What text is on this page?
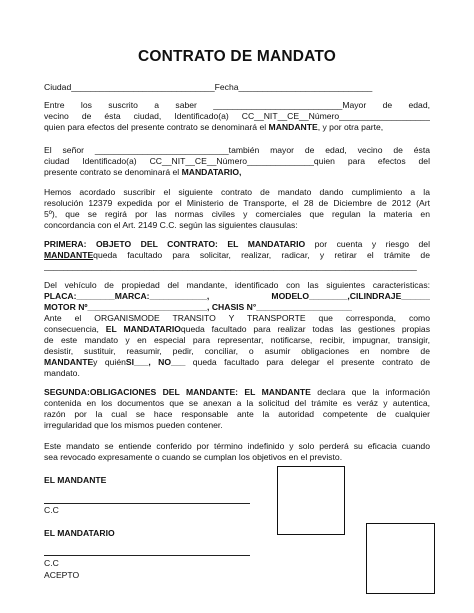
CONTRATO DE MANDATO
Ciudad______________________________Fecha____________________________
Entre los suscrito a saber ___________________________Mayor de edad,
vecino de ésta ciudad, Identificado(a) CC__NIT__CE__Número___________________
quien para efectos del presente contrato se denominará el MANDANTE, y por otra parte,
El señor ____________________________también mayor de edad, vecino de ésta
ciudad Identificado(a) CC__NIT__CE__Número______________quien para efectos del
presente contrato se denominará el MANDATARIO,
Hemos acordado suscribir el siguiente contrato de mandato dando cumplimiento a la
resolución 12379 expedida por el Ministerio de Transporte, el 28 de Diciembre de 2012 (Art
5º), que se regirá por las normas civiles y comerciales que regulan la materia en
concordancia con el Art. 2149 C.C. según las siguientes clausulas:
PRIMERA: OBJETO DEL CONTRATO: EL MANDATARIO por cuenta y riesgo del
MANDANTEqueda facultado para solicitar, realizar, radicar, y retirar el trámite de
______________________________________________________________________________
Del vehículo de propiedad del mandante, identificado con las siguientes caracteristicas:
PLACA:________MARCA:____________, MODELO________,CILINDRAJE______
MOTOR Nº_________________________, CHASIS N°____________________
Ante el ORGANISMODE TRANSITO Y TRANSPORTE que corresponda, como
consecuencia, EL MANDATARIOqueda facultado para realizar todas las gestiones propias
de este mandato y en especial para representar, notificarse, recibir, impugnar, transigir,
desistir, sustituir, reasumir, pedir, conciliar, o asumir obligaciones en nombre de
MANDANTEy quiénSI___, NO___ queda facultado para delegar el presente contrato de
mandato.
SEGUNDA:OBLIGACIONES DEL MANDANTE: EL MANDANTE declara que la información
contenida en los documentos que se anexan a la solicitud del trámite es veráz y autentica,
razón por la cual se hace responsable ante la autoridad competente de cualquier
irregularidad que los mismos pueden contener.
Este mandato se entiende conferido por término indefinido y solo perderá su eficacia cuando
sea revocado expresamente o cuando se cumplan los objetivos en el previsto.
EL MANDANTE
C.C
EL MANDATARIO
C.C
ACEPTO
